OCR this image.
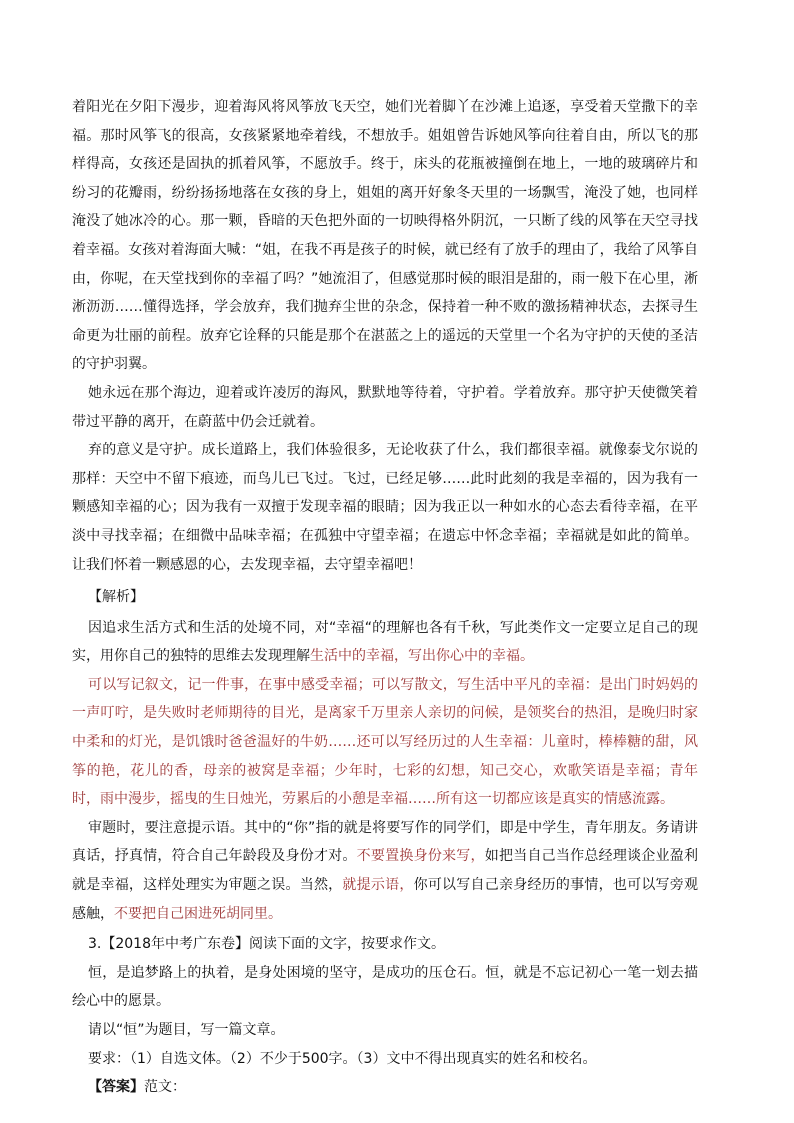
着阳光在夕阳下漫步，迎着海风将风筝放飞天空，她们光着脚丫在沙滩上追逐，享受着天堂撒下的幸福。那时风筝飞的很高，女孩紧紧地牵着线，不想放手。姐姐曾告诉她风筝向往着自由，所以飞的那样得高，女孩还是固执的抓着风筝，不愿放手。终于，床头的花瓶被撞倒在地上，一地的玻璃碎片和纷习的花瓣雨，纷纷扬扬地落在女孩的身上，姐姐的离开好象冬天里的一场飘雪，淹没了她，也同样淹没了她冰冷的心。那一颗，昏暗的天色把外面的一切映得格外阴沉，一只断了线的风筝在天空寻找着幸福。女孩对着海面大喊：“姐，在我不再是孩子的时候，就已经有了放手的理由了，我给了风筝自由，你呢，在天堂找到你的幸福了吗？”她流泪了，但感觉那时候的眼泪是甜的，雨一般下在心里，淅淅沥沥……懂得选择，学会放弃，我们抛弃尘世的杂念，保持着一种不败的激扬精神状态，去探寻生命更为壮丽的前程。放弃它诠释的只能是那个在湛蓝之上的遥远的天堂里一个名为守护的天使的圣洁的守护羽翼。

她永远在那个海边，迎着或许凌厉的海风，默默地等待着，守护着。学着放弃。那守护天使微笑着带过平静的离开，在蔚蓝中仍会迁就着。

弃的意义是守护。成长道路上，我们体验很多，无论收获了什么，我们都很幸福。就像泰戈尔说的那样：天空中不留下痕迹，而鸟儿已飞过。飞过，已经足够……此时此刻的我是幸福的，因为我有一颗感知幸福的心；因为我有一双擅于发现幸福的眼睛；因为我正以一种如水的心态去看待幸福，在平淡中寻找幸福；在细微中品味幸福；在孤独中守望幸福；在遗忘中怀念幸福；幸福就是如此的简单。让我们怀着一颗感恩的心，去发现幸福，去守望幸福吧！

【解析】

因追求生活方式和生活的处境不同，对“幸福“的理解也各有千秋，写此类作文一定要立足自己的现实，用你自己的独特的思维去发现理解生活中的幸福，写出你心中的幸福。

可以写记叙文，记一件事，在事中感受幸福；可以写散文，写生活中平凡的幸福：是出门时妈妈的一声叮咛，是失败时老师期待的目光，是离家千万里亲人亲切的问候，是领奖台的热泪，是晚归时家中柔和的灯光，是饥饿时爸爸温好的牛奶……还可以写经历过的人生幸福：儿童时，棒棒糖的甜，风筝的艳，花儿的香，母亲的被窝是幸福；少年时，七彩的幻想，知己交心，欢歌笑语是幸福；青年时，雨中漫步，摇曳的生日烛光，劳累后的小憩是幸福……所有这一切都应该是真实的情感流露。

审题时，要注意提示语。其中的“你”指的就是将要写作的同学们，即是中学生，青年朋友。务请讲真话，抒真情，符合自己年龄段及身份才对。不要置换身份来写，如把当自己当作总经理谈企业盈利就是幸福，这样处理实为审题之误。当然，就提示语，你可以写自己亲身经历的事情，也可以写旁观感触，不要把自己困进死胡同里。

3.【2018年中考广东卷】阅读下面的文字，按要求作文。

恒，是追梦路上的执着，是身处困境的坚守，是成功的压仓石。恒，就是不忘记初心一笔一划去描绘心中的愿景。

请以“恒”为题目，写一篇文章。

要求：（1）自选文体。（2）不少于500字。（3）文中不得出现真实的姓名和校名。

【答案】范文：
